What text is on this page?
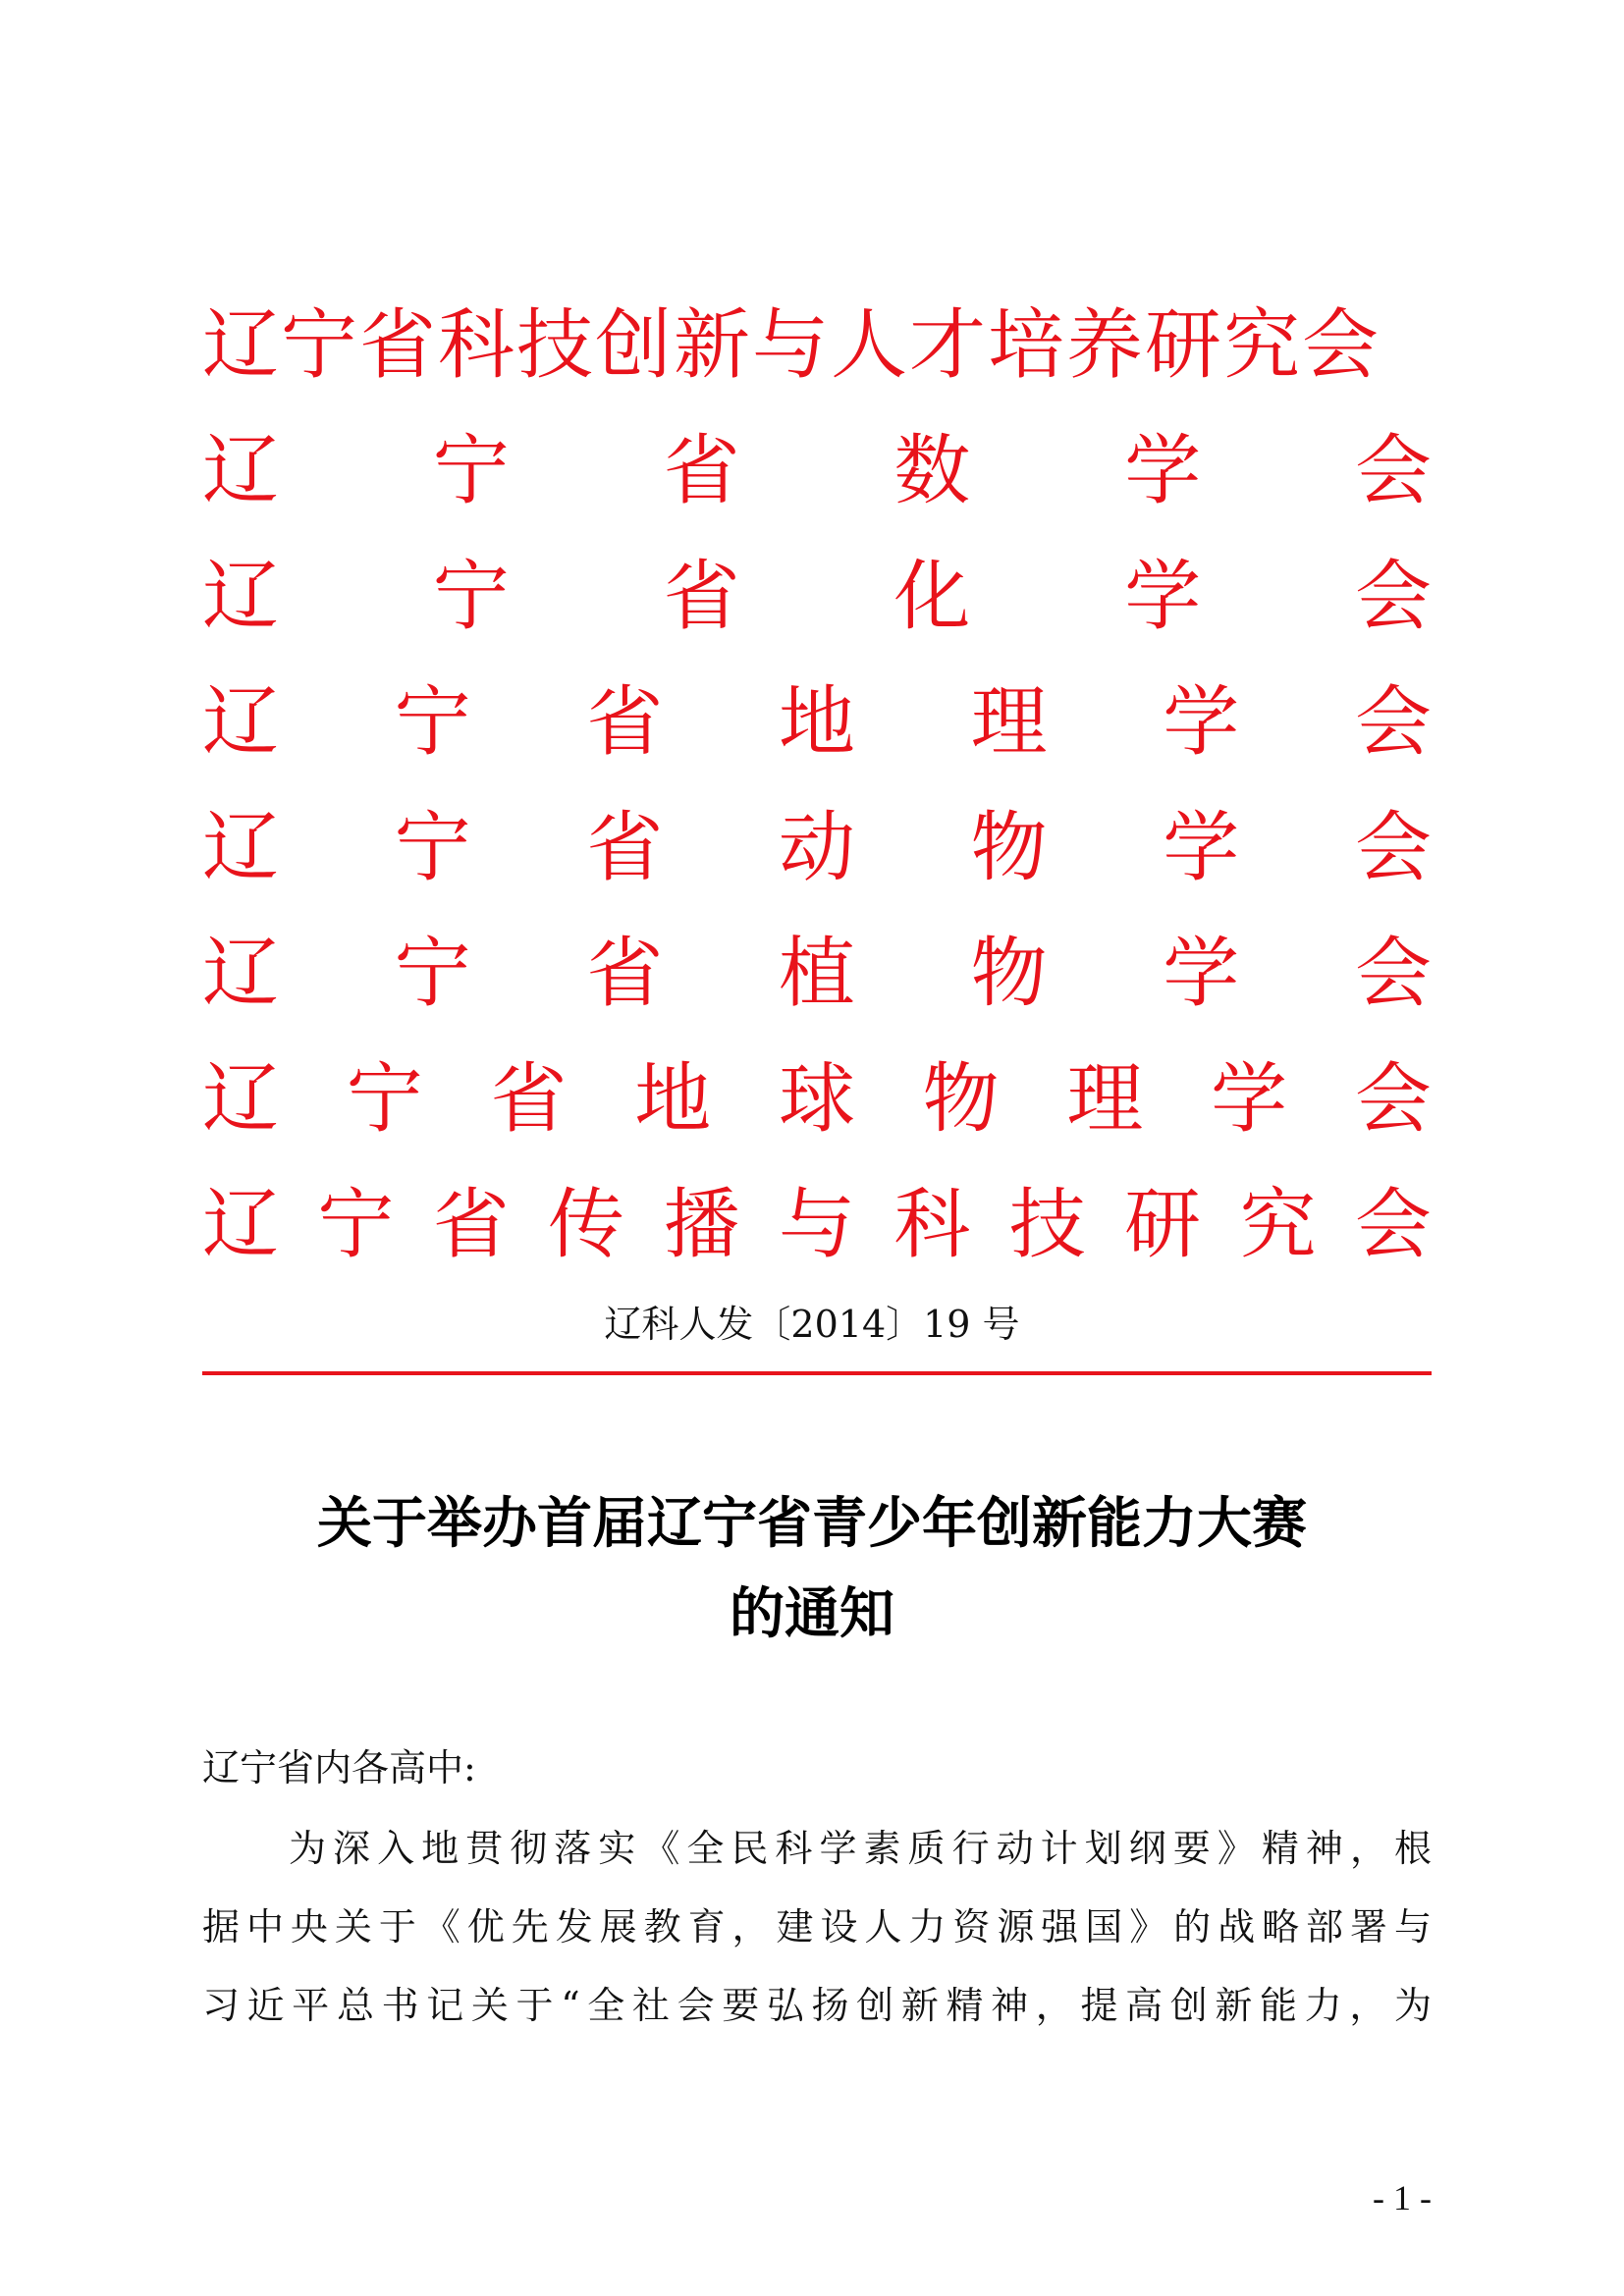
辽宁省科技创新与人才培养研究会
辽 宁 省 数 学 会
辽 宁 省 化 学 会
辽 宁 省 地 理 学 会
辽 宁 省 动 物 学 会
辽 宁 省 植 物 学 会
辽 宁 省 地 球 物 理 学 会
辽 宁 省 传 播 与 科 技 研 究 会
辽科人发〔2014〕19 号
关于举办首届辽宁省青少年创新能力大赛
的通知
辽宁省内各高中:
为深入地贯彻落实《全民科学素质行动计划纲要》精神，根
据中央关于《优先发展教育，建设人力资源强国》的战略部署与
习近平总书记关于“全社会要弘扬创新精神，提高创新能力，为
- 1 -
